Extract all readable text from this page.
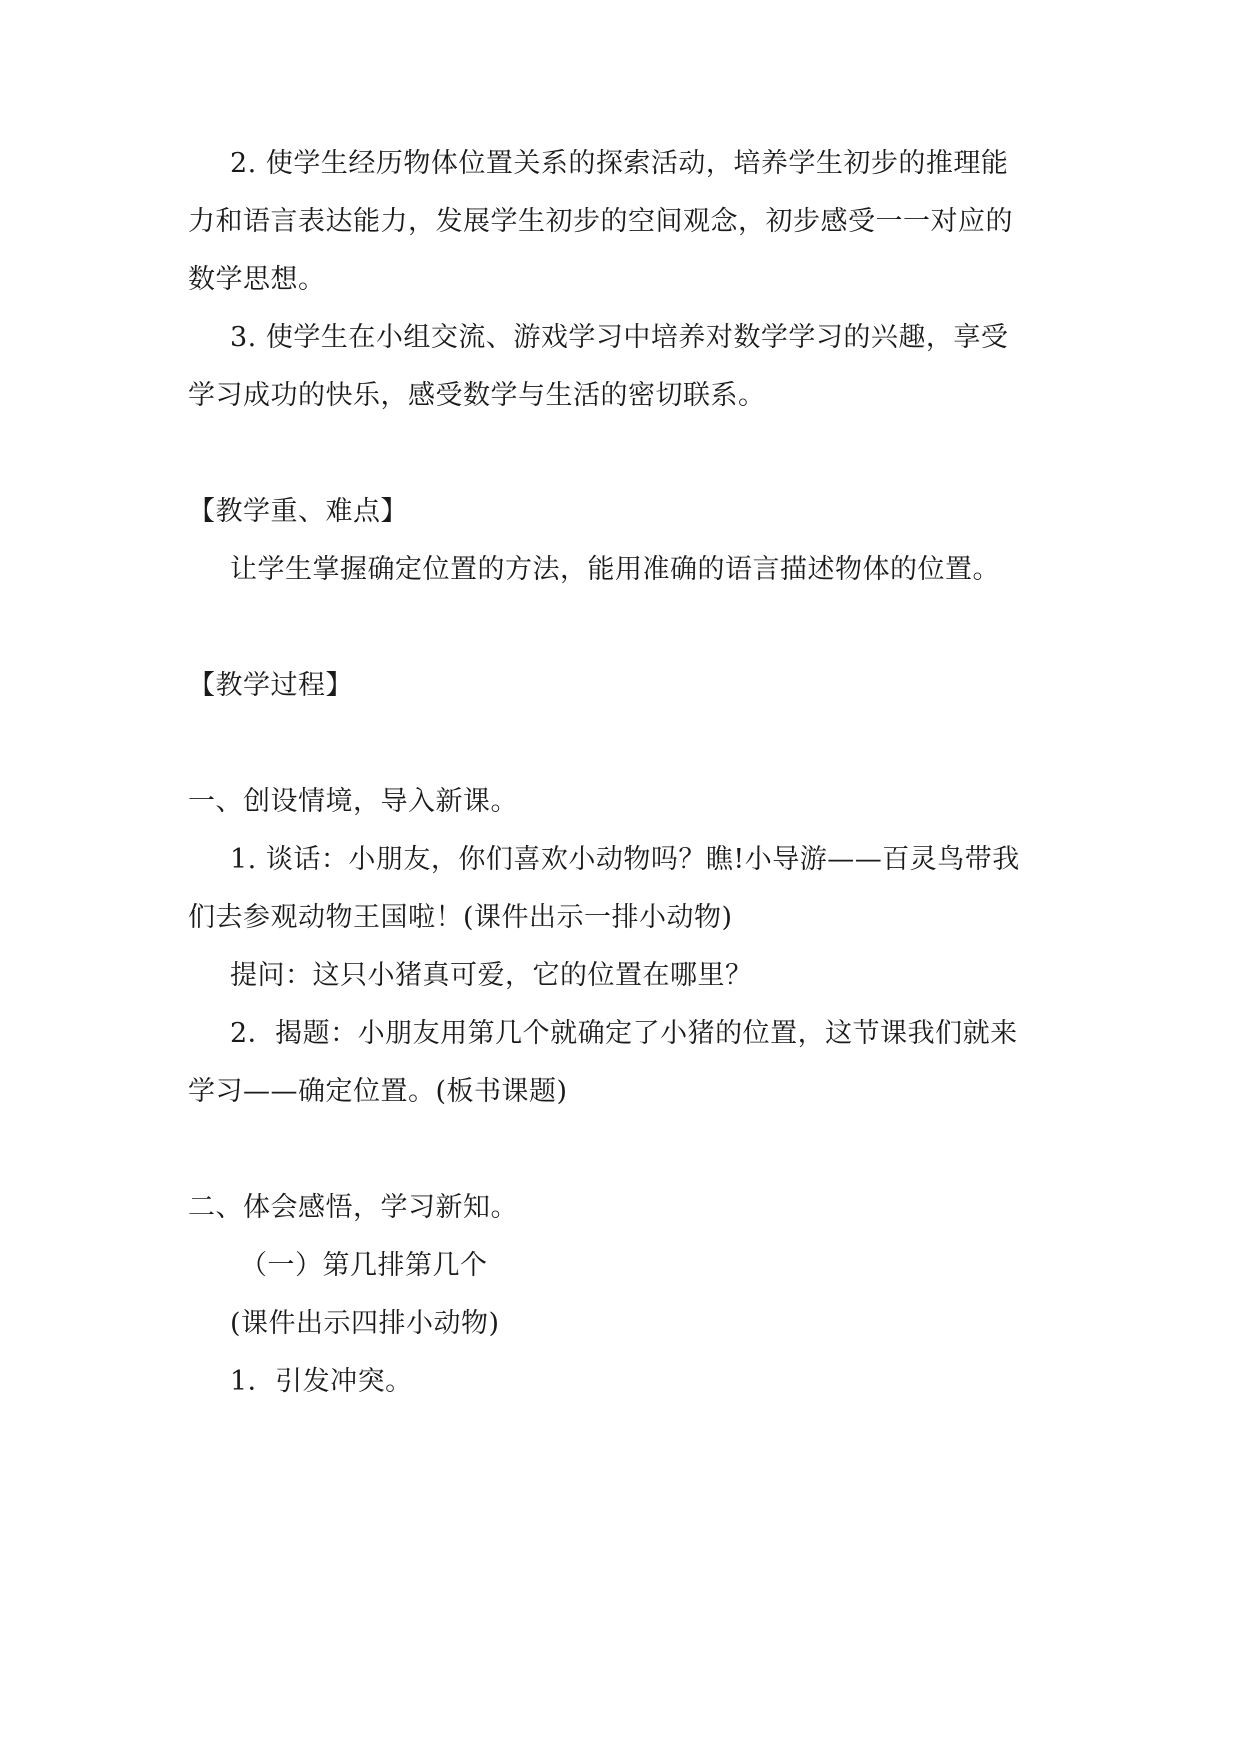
2. 使学生经历物体位置关系的探索活动，培养学生初步的推理能
力和语言表达能力，发展学生初步的空间观念，初步感受一一对应的
数学思想。
3. 使学生在小组交流、游戏学习中培养对数学学习的兴趣，享受
学习成功的快乐，感受数学与生活的密切联系。
【教学重、难点】
让学生掌握确定位置的方法，能用准确的语言描述物体的位置。
【教学过程】
一、创设情境，导入新课。
1. 谈话：小朋友，你们喜欢小动物吗？瞧!小导游——百灵鸟带我
们去参观动物王国啦！(课件出示一排小动物)
提问：这只小猪真可爱，它的位置在哪里？
2．揭题：小朋友用第几个就确定了小猪的位置，这节课我们就来
学习——确定位置。(板书课题)
二、体会感悟，学习新知。
（一）第几排第几个
(课件出示四排小动物)
1．引发冲突。
